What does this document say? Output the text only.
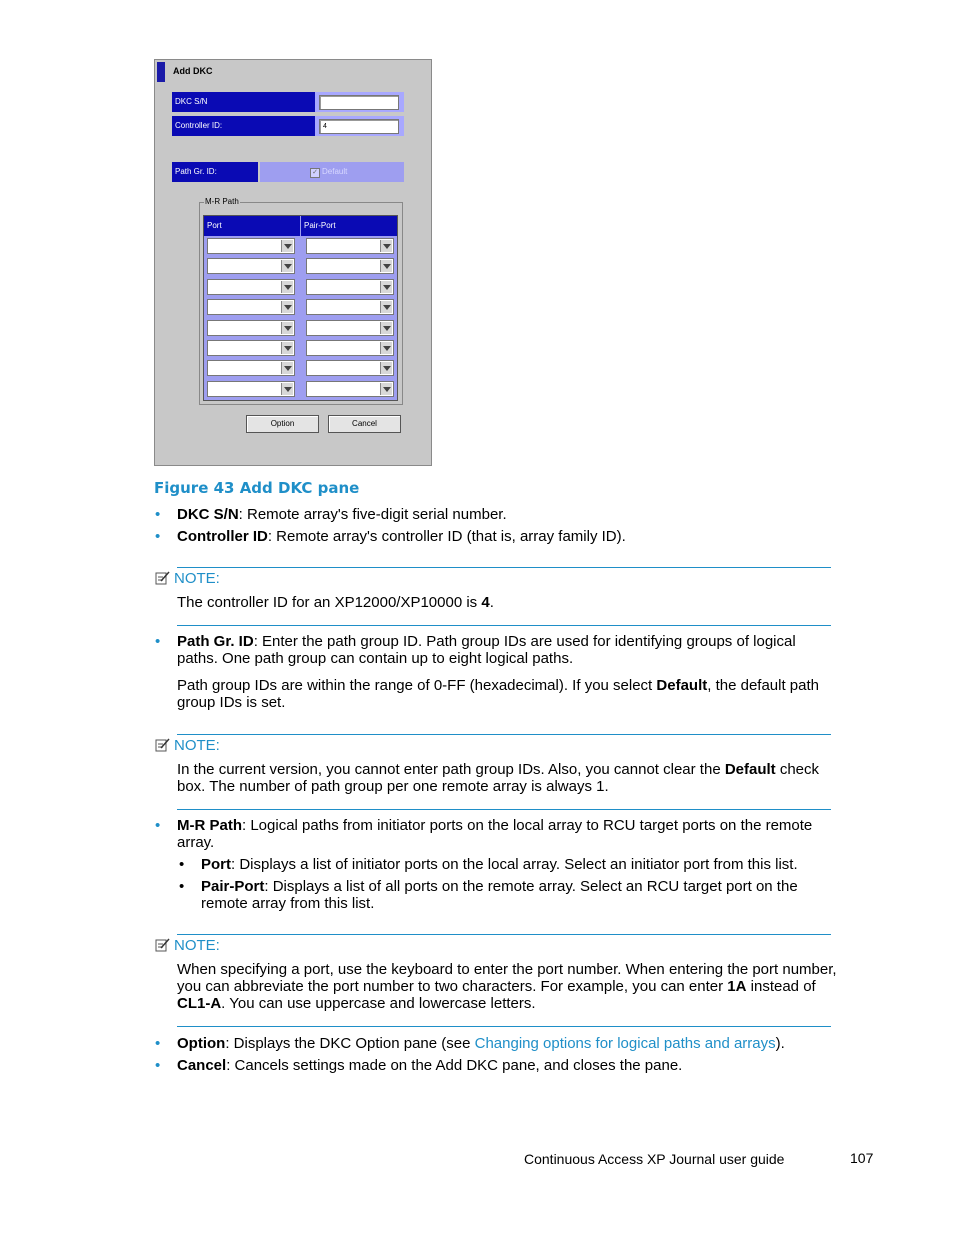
Add DKC
DKC S/N
Controller ID:	4
Path Gr. ID:	✓ Default
M-R Path
Port	Pair-Port
Option	Cancel
Figure 43 Add DKC pane
• DKC S/N: Remote array's five-digit serial number.
• Controller ID: Remote array's controller ID (that is, array family ID).
NOTE:
The controller ID for an XP12000/XP10000 is 4.
• Path Gr. ID: Enter the path group ID. Path group IDs are used for identifying groups of logical paths. One path group can contain up to eight logical paths.
Path group IDs are within the range of 0-FF (hexadecimal). If you select Default, the default path group IDs is set.
NOTE:
In the current version, you cannot enter path group IDs. Also, you cannot clear the Default check box. The number of path group per one remote array is always 1.
• M-R Path: Logical paths from initiator ports on the local array to RCU target ports on the remote array.
• Port: Displays a list of initiator ports on the local array. Select an initiator port from this list.
• Pair-Port: Displays a list of all ports on the remote array. Select an RCU target port on the remote array from this list.
NOTE:
When specifying a port, use the keyboard to enter the port number. When entering the port number, you can abbreviate the port number to two characters. For example, you can enter 1A instead of CL1-A. You can use uppercase and lowercase letters.
• Option: Displays the DKC Option pane (see Changing options for logical paths and arrays).
• Cancel: Cancels settings made on the Add DKC pane, and closes the pane.
Continuous Access XP Journal user guide	107
